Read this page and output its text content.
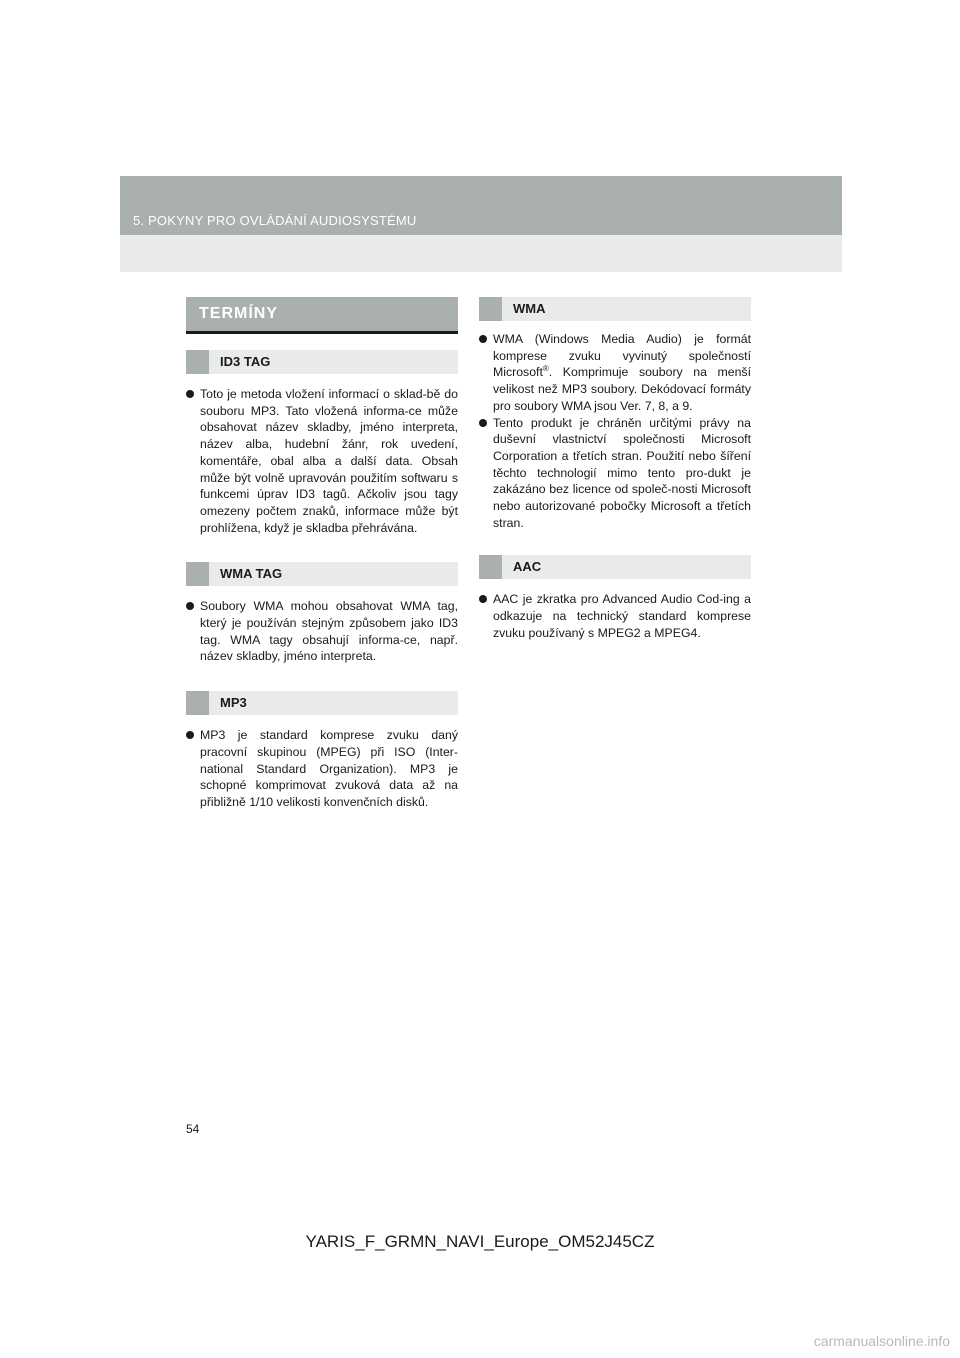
5. POKYNY PRO OVLÁDÁNÍ AUDIOSYSTÉMU
TERMÍNY
ID3 TAG

Toto je metoda vložení informací o sklad-bě do souboru MP3. Tato vložená informa-ce může obsahovat název skladby, jméno interpreta, název alba, hudební žánr, rok uvedení, komentáře, obal alba a další data. Obsah může být volně upravován použitím softwaru s funkcemi úprav ID3 tagů. Ačkoliv jsou tagy omezeny počtem znaků, informace může být prohlížena, když je skladba přehrávána.

WMA TAG

Soubory WMA mohou obsahovat WMA tag, který je používán stejným způsobem jako ID3 tag. WMA tagy obsahují informa-ce, např. název skladby, jméno interpreta.

MP3

MP3 je standard komprese zvuku daný pracovní skupinou (MPEG) při ISO (Inter-national Standard Organization). MP3 je schopné komprimovat zvuková data až na přibližně 1/10 velikosti konvenčních disků.

WMA

WMA (Windows Media Audio) je formát komprese zvuku vyvinutý společností Microsoft®. Komprimuje soubory na menší velikost než MP3 soubory. Dekódovací formáty pro soubory WMA jsou Ver. 7, 8, a 9.

Tento produkt je chráněn určitými právy na duševní vlastnictví společnosti Microsoft Corporation a třetích stran. Použití nebo šíření těchto technologií mimo tento pro-dukt je zakázáno bez licence od společ-nosti Microsoft nebo autorizované pobočky Microsoft a třetích stran.

AAC

AAC je zkratka pro Advanced Audio Cod-ing a odkazuje na technický standard komprese zvuku používaný s MPEG2 a MPEG4.

54
YARIS_F_GRMN_NAVI_Europe_OM52J45CZ
carmanualsonline.info
